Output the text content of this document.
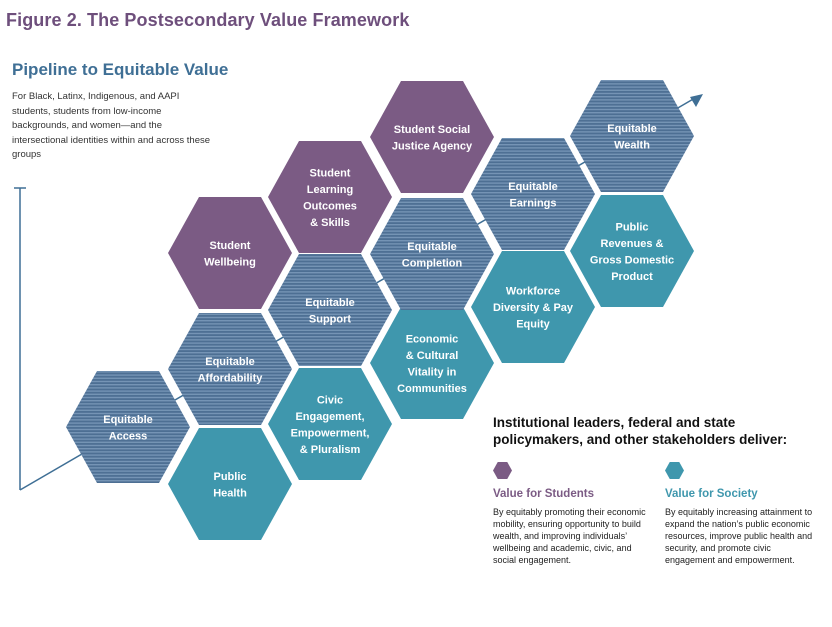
Figure 2. The Postsecondary Value Framework
Pipeline to Equitable Value
For Black, Latinx, Indigenous, and AAPI students, students from low-income backgrounds, and women—and the intersectional identities within and across these groups
Equitable
Access
Public
Health
Equitable
Affordability
Student
Wellbeing
Civic
Engagement,
Empowerment,
& Pluralism
Equitable
Support
Student
Learning
Outcomes
& Skills
Economic
& Cultural
Vitality in
Communities
Equitable
Completion
Student Social
Justice Agency
Workforce
Diversity & Pay
Equity
Equitable
Earnings
Public
Revenues &
Gross Domestic
Product
Equitable
Wealth
Institutional leaders, federal and state policymakers, and other stakeholders deliver:
Value for Students
By equitably promoting their economic mobility, ensuring opportunity to build wealth, and improving individuals’ wellbeing and academic, civic, and social engagement.
Value for Society
By equitably increasing attainment to expand the nation’s public economic resources, improve public health and security, and promote civic engagement and empowerment.
